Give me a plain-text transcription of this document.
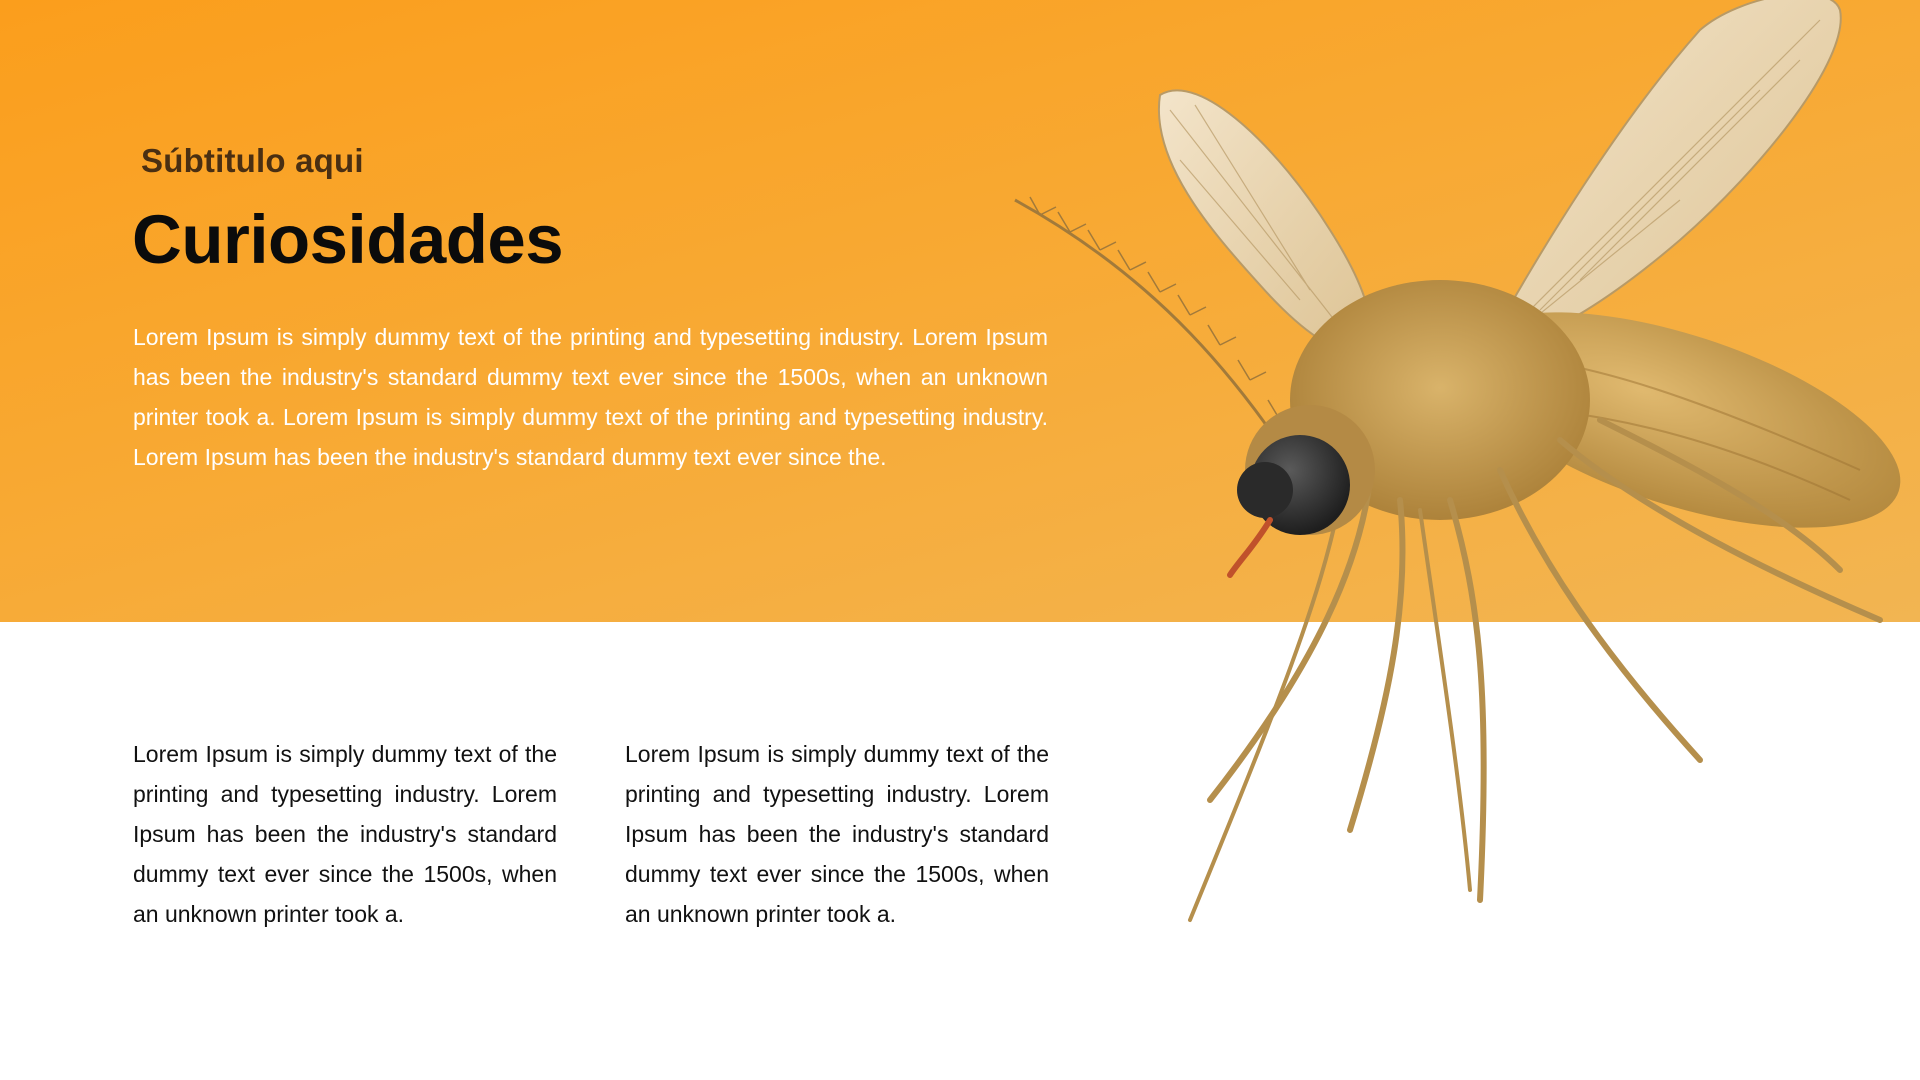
Súbtitulo aqui
Curiosidades

Lorem Ipsum is simply dummy text of the printing and typesetting industry. Lorem Ipsum has been the industry's standard dummy text ever since the 1500s, when an unknown printer took a. Lorem Ipsum is simply dummy text of the printing and typesetting industry. Lorem Ipsum has been the industry's standard dummy text ever since the.

Lorem Ipsum is simply dummy text of the printing and typesetting industry. Lorem Ipsum has been the industry's standard dummy text ever since the 1500s, when an unknown printer took a.

Lorem Ipsum is simply dummy text of the printing and typesetting industry. Lorem Ipsum has been the industry's standard dummy text ever since the 1500s, when an unknown printer took a.
